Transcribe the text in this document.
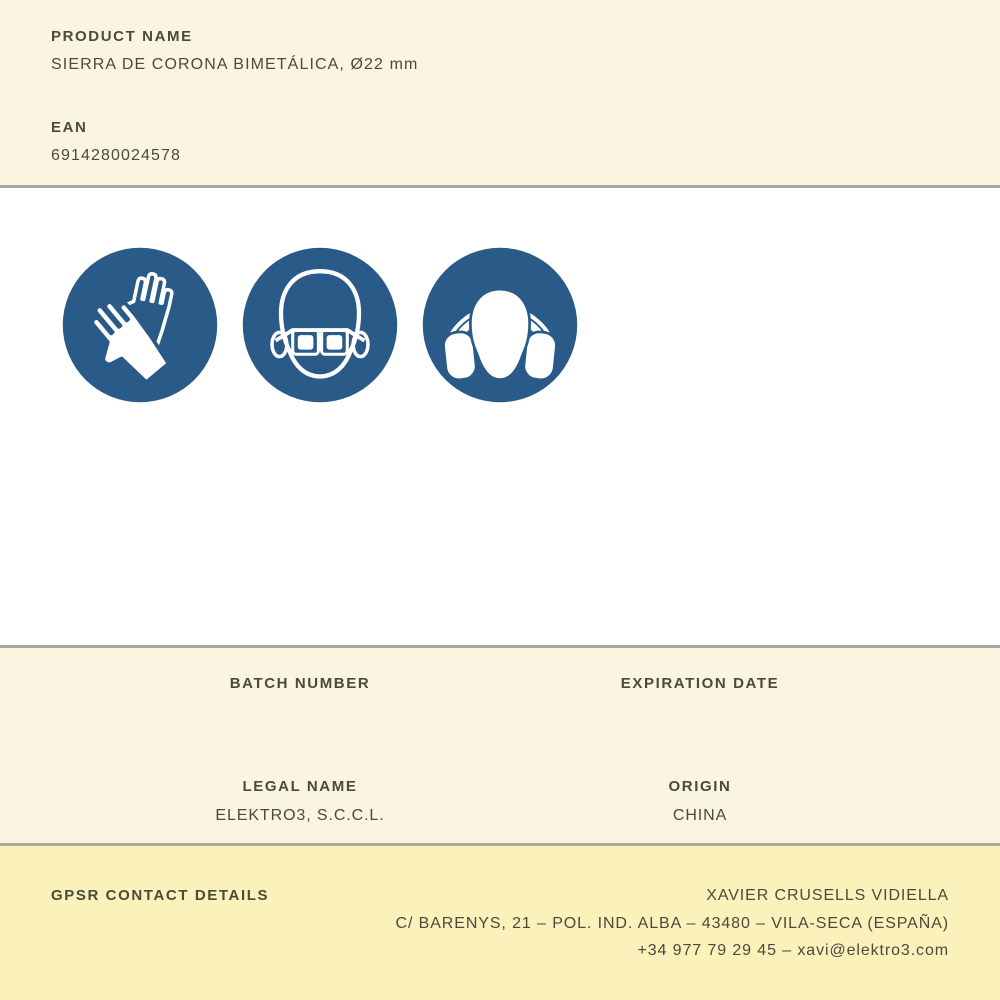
PRODUCT NAME
SIERRA DE CORONA BIMETÁLICA, Ø22 mm
EAN
6914280024578
BATCH NUMBER	EXPIRATION DATE
LEGAL NAME
ELEKTRO3, S.C.C.L.
ORIGIN
CHINA
GPSR CONTACT DETAILS	XAVIER CRUSELLS VIDIELLA
C/ BARENYS, 21 – POL. IND. ALBA – 43480 – VILA-SECA (ESPAÑA)
+34 977 79 29 45 – xavi@elektro3.com
